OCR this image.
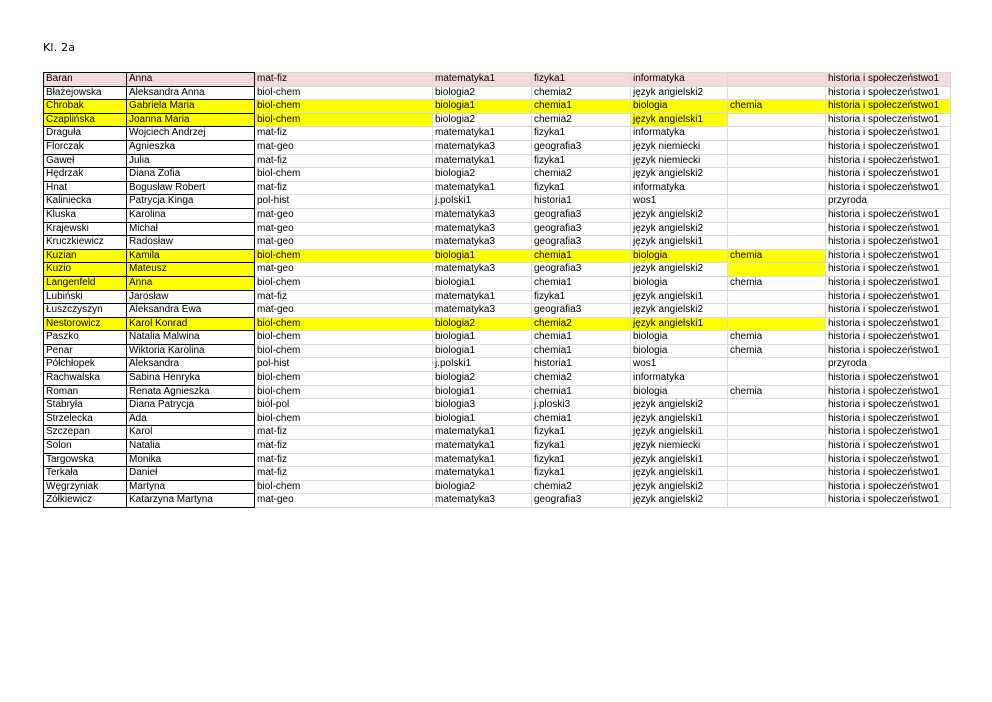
Kl. 2a
Baran	Anna	mat-fiz	matematyka1	fizyka1	informatyka		historia i społeczeństwo1
Błażejowska	Aleksandra Anna	biol-chem	biologia2	chemia2	język angielski2		historia i społeczeństwo1
Chrobak	Gabriela Maria	biol-chem	biologia1	chemia1	biologia	chemia	historia i społeczeństwo1
Czaplińska	Joanna Maria	biol-chem	biologia2	chemia2	język angielski1		historia i społeczeństwo1
Draguła	Wojciech Andrzej	mat-fiz	matematyka1	fizyka1	informatyka		historia i społeczeństwo1
Florczak	Agnieszka	mat-geo	matematyka3	geografia3	język niemiecki		historia i społeczeństwo1
Gaweł	Julia	mat-fiz	matematyka1	fizyka1	język niemiecki		historia i społeczeństwo1
Hędrzak	Diana Zofia	biol-chem	biologia2	chemia2	język angielski2		historia i społeczeństwo1
Hnat	Bogusław Robert	mat-fiz	matematyka1	fizyka1	informatyka		historia i społeczeństwo1
Kaliniecka	Patrycja Kinga	pol-hist	j.polski1	historia1	wos1		przyroda
Kluska	Karolina	mat-geo	matematyka3	geografia3	język angielski2		historia i społeczeństwo1
Krajewski	Michał	mat-geo	matematyka3	geografia3	język angielski2		historia i społeczeństwo1
Kruczkiewicz	Radosław	mat-geo	matematyka3	geografia3	język angielski1		historia i społeczeństwo1
Kuzian	Kamila	biol-chem	biologia1	chemia1	biologia	chemia	historia i społeczeństwo1
Kuzio	Mateusz	mat-geo	matematyka3	geografia3	język angielski2		historia i społeczeństwo1
Langenfeld	Anna	biol-chem	biologia1	chemia1	biologia	chemia	historia i społeczeństwo1
Lubiński	Jarosław	mat-fiz	matematyka1	fizyka1	język angielski1		historia i społeczeństwo1
Łuszczyszyn	Aleksandra Ewa	mat-geo	matematyka3	geografia3	język angielski2		historia i społeczeństwo1
Nestorowicz	Karol Konrad	biol-chem	biologia2	chemia2	język angielski1		historia i społeczeństwo1
Paszko	Natalia Malwina	biol-chem	biologia1	chemia1	biologia	chemia	historia i społeczeństwo1
Penar	Wiktoria Karolina	biol-chem	biologia1	chemia1	biologia	chemia	historia i społeczeństwo1
Półchłopek	Aleksandra	pol-hist	j.polski1	historia1	wos1		przyroda
Rachwalska	Sabina Henryka	biol-chem	biologia2	chemia2	informatyka		historia i społeczeństwo1
Roman	Renata Agnieszka	biol-chem	biologia1	chemia1	biologia	chemia	historia i społeczeństwo1
Stabryła	Diana Patrycja	biol-pol	biologia3	j.ploski3	język angielski2		historia i społeczeństwo1
Strzelecka	Ada	biol-chem	biologia1	chemia1	język angielski1		historia i społeczeństwo1
Szczepan	Karol	mat-fiz	matematyka1	fizyka1	język angielski1		historia i społeczeństwo1
Solon	Natalia	mat-fiz	matematyka1	fizyka1	język niemiecki		historia i społeczeństwo1
Targowska	Monika	mat-fiz	matematyka1	fizyka1	język angielski1		historia i społeczeństwo1
Terkała	Danieł	mat-fiz	matematyka1	fizyka1	język angielski1		historia i społeczeństwo1
Węgrzyniak	Martyna	biol-chem	biologia2	chemia2	język angielski2		historia i społeczeństwo1
Żółkiewicz	Katarzyna Martyna	mat-geo	matematyka3	geografia3	język angielski2		historia i społeczeństwo1
